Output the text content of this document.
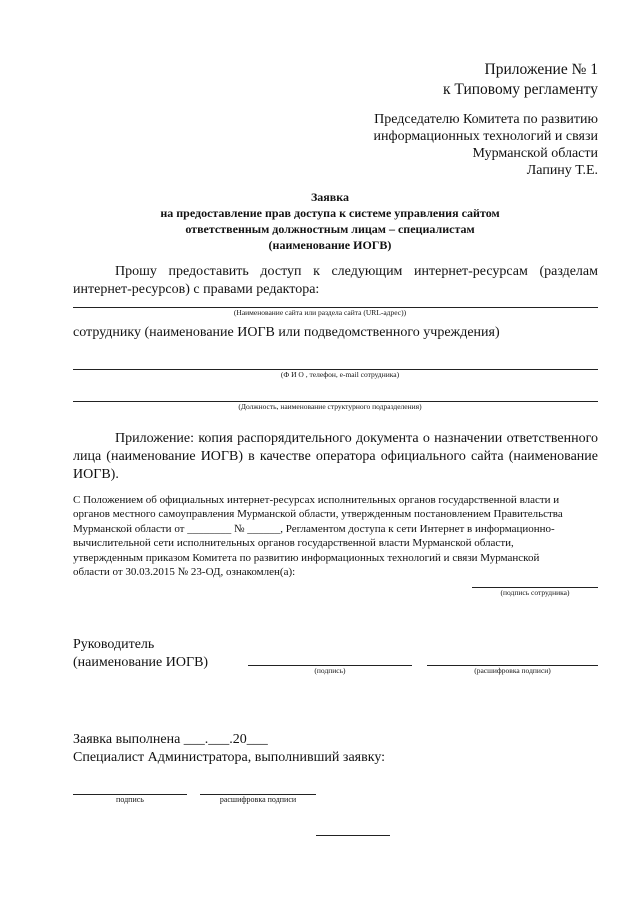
Приложение № 1
к Типовому регламенту
Председателю Комитета по развитию
информационных технологий и связи
Мурманской области
Лапину Т.Е.
Заявка
на предоставление прав доступа к системе управления сайтом
ответственным должностным лицам – специалистам
(наименование ИОГВ)
Прошу предоставить доступ к следующим интернет-ресурсам (разделам интернет-ресурсов) с правами редактора:
(Наименование сайта или раздела сайта (URL-адрес))
сотруднику (наименование ИОГВ или подведомственного учреждения)
(Ф И О , телефон, e-mail сотрудника)
(Должность, наименование структурного подразделения)
Приложение: копия распорядительного документа о назначении ответственного лица (наименование ИОГВ) в качестве оператора официального сайта (наименование ИОГВ).
С Положением об официальных интернет-ресурсах исполнительных органов государственной власти и
органов местного самоуправления Мурманской области, утвержденным постановлением Правительства
Мурманской области от ________ № ______, Регламентом доступа к сети Интернет в информационно-
вычислительной сети исполнительных органов государственной власти Мурманской области,
утвержденным приказом Комитета по развитию информационных технологий и связи Мурманской
области от 30.03.2015 № 23-ОД, ознакомлен(а):
(подпись сотрудника)
Руководитель
(наименование ИОГВ)
(подпись)	(расшифровка подписи)
Заявка выполнена ___.___.20___
Специалист Администратора, выполнивший заявку:
подпись	расшифровка подписи
